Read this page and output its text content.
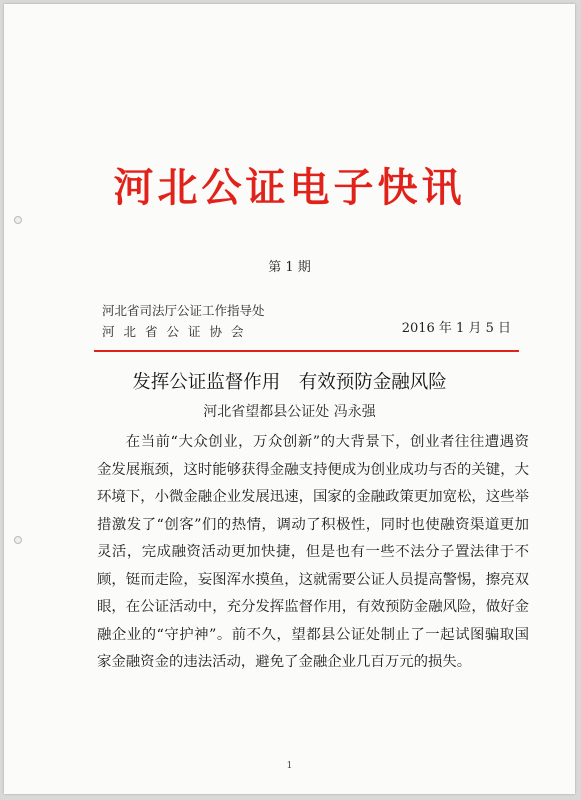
河北公证电子快讯
第 1 期
河北省司法厅公证工作指导处
河北省公证协会	2016 年 1 月 5 日
发挥公证监督作用　有效预防金融风险
河北省望都县公证处 冯永强

在当前“大众创业，万众创新”的大背景下，创业者往往遭遇资金发展瓶颈，这时能够获得金融支持便成为创业成功与否的关键，大环境下，小微金融企业发展迅速，国家的金融政策更加宽松，这些举措激发了“创客”们的热情，调动了积极性，同时也使融资渠道更加灵活，完成融资活动更加快捷，但是也有一些不法分子置法律于不顾，铤而走险，妄图浑水摸鱼，这就需要公证人员提高警惕，擦亮双眼，在公证活动中，充分发挥监督作用，有效预防金融风险，做好金融企业的“守护神”。前不久，望都县公证处制止了一起试图骗取国家金融资金的违法活动，避免了金融企业几百万元的损失。

1
